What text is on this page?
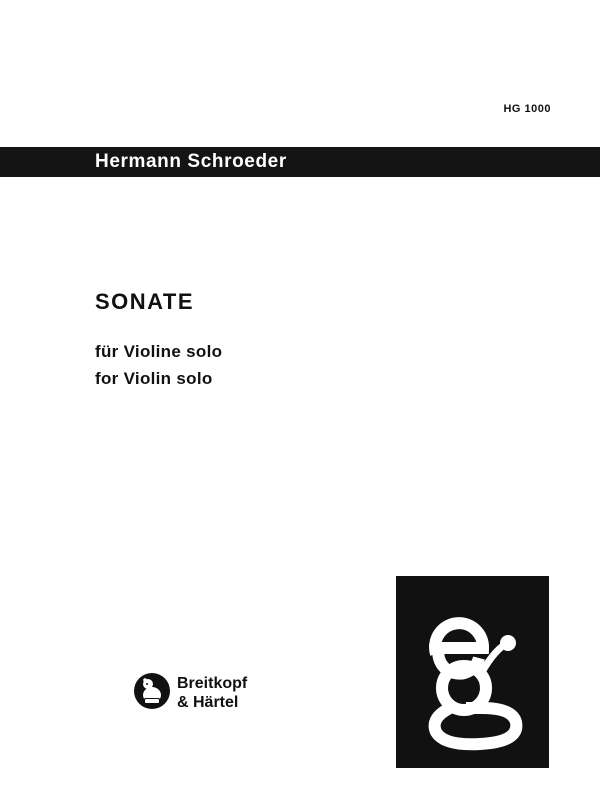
HG 1000
Hermann Schroeder
SONATE
für Violine solo
for Violin solo
Breitkopf
& Härtel
